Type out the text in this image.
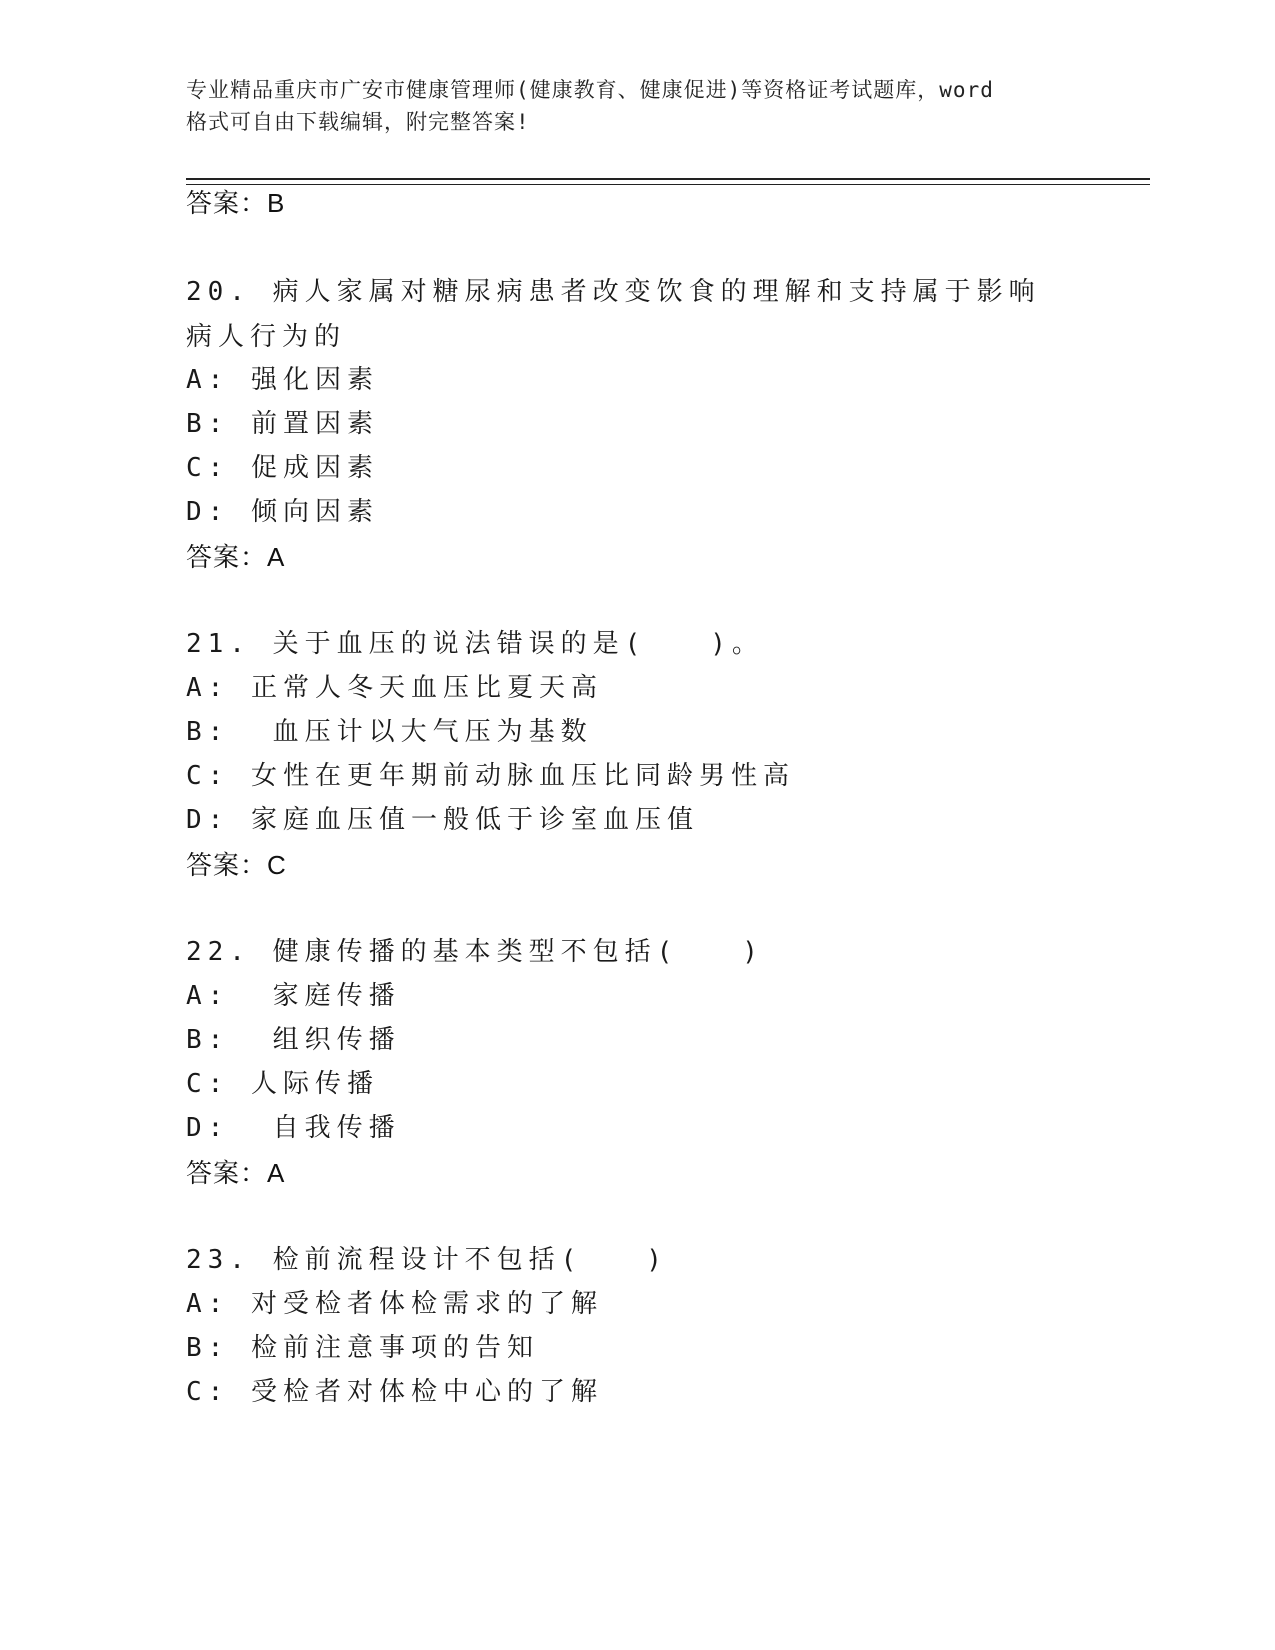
专业精品重庆市广安市健康管理师(健康教育、健康促进)等资格证考试题库，word
格式可自由下载编辑，附完整答案!
答案：B
20. 病人家属对糖尿病患者改变饮食的理解和支持属于影响病人行为的
A: 强化因素
B: 前置因素
C: 促成因素
D: 倾向因素
答案：A
21. 关于血压的说法错误的是(　　)。
A: 正常人冬天血压比夏天高
B:  血压计以大气压为基数
C: 女性在更年期前动脉血压比同龄男性高
D: 家庭血压值一般低于诊室血压值
答案：C
22. 健康传播的基本类型不包括(　　)
A:  家庭传播
B:  组织传播
C: 人际传播
D:  自我传播
答案：A
23. 检前流程设计不包括(　　)
A: 对受检者体检需求的了解
B: 检前注意事项的告知
C: 受检者对体检中心的了解
